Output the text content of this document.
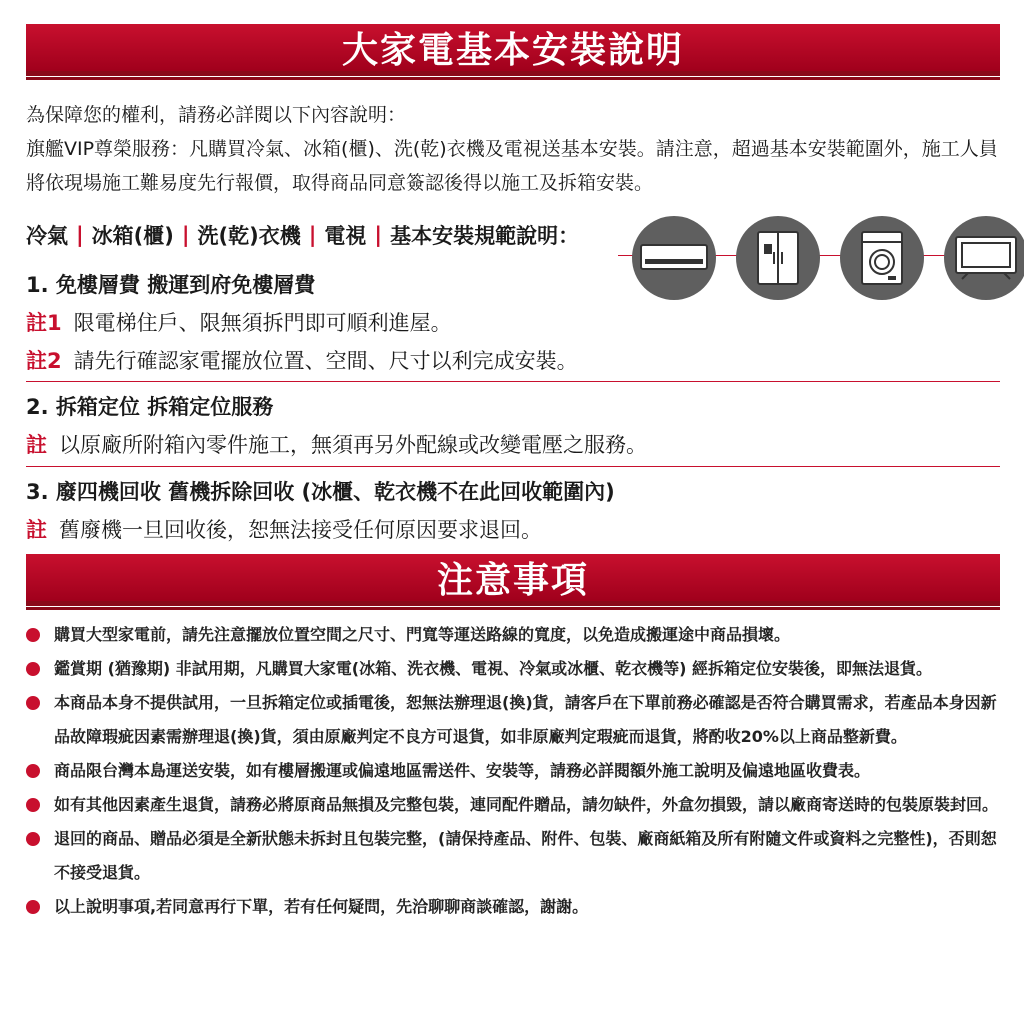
大家電基本安裝說明
為保障您的權利，請務必詳閱以下內容說明：
旗艦VIP尊榮服務：凡購買冷氣、冰箱(櫃)、洗(乾)衣機及電視送基本安裝。請注意，超過基本安裝範圍外，施工人員將依現場施工難易度先行報價，取得商品同意簽認後得以施工及拆箱安裝。
冷氣 | 冰箱(櫃) | 洗(乾)衣機 | 電視 | 基本安裝規範說明：
1. 免樓層費 搬運到府免樓層費
註1 限電梯住戶、限無須拆門即可順利進屋。
註2 請先行確認家電擺放位置、空間、尺寸以利完成安裝。
2. 拆箱定位 拆箱定位服務
註 以原廠所附箱內零件施工，無須再另外配線或改變電壓之服務。
3. 廢四機回收 舊機拆除回收 (冰櫃、乾衣機不在此回收範圍內)
註 舊廢機一旦回收後，恕無法接受任何原因要求退回。
注意事項
購買大型家電前，請先注意擺放位置空間之尺寸、門寬等運送路線的寬度，以免造成搬運途中商品損壞。
鑑賞期 (猶豫期) 非試用期，凡購買大家電(冰箱、洗衣機、電視、冷氣或冰櫃、乾衣機等) 經拆箱定位安裝後，即無法退貨。
本商品本身不提供試用，一旦拆箱定位或插電後，恕無法辦理退(換)貨，請客戶在下單前務必確認是否符合購買需求，若產品本身因新品故障瑕疵因素需辦理退(換)貨，須由原廠判定不良方可退貨，如非原廠判定瑕疵而退貨，將酌收20%以上商品整新費。
商品限台灣本島運送安裝，如有樓層搬運或偏遠地區需送件、安裝等，請務必詳閱額外施工說明及偏遠地區收費表。
如有其他因素產生退貨，請務必將原商品無損及完整包裝，連同配件贈品，請勿缺件，外盒勿損毀，請以廠商寄送時的包裝原裝封回。
退回的商品、贈品必須是全新狀態未拆封且包裝完整，(請保持產品、附件、包裝、廠商紙箱及所有附隨文件或資料之完整性)，否則恕不接受退貨。
以上說明事項,若同意再行下單，若有任何疑問，先洽聊聊商談確認，謝謝。
